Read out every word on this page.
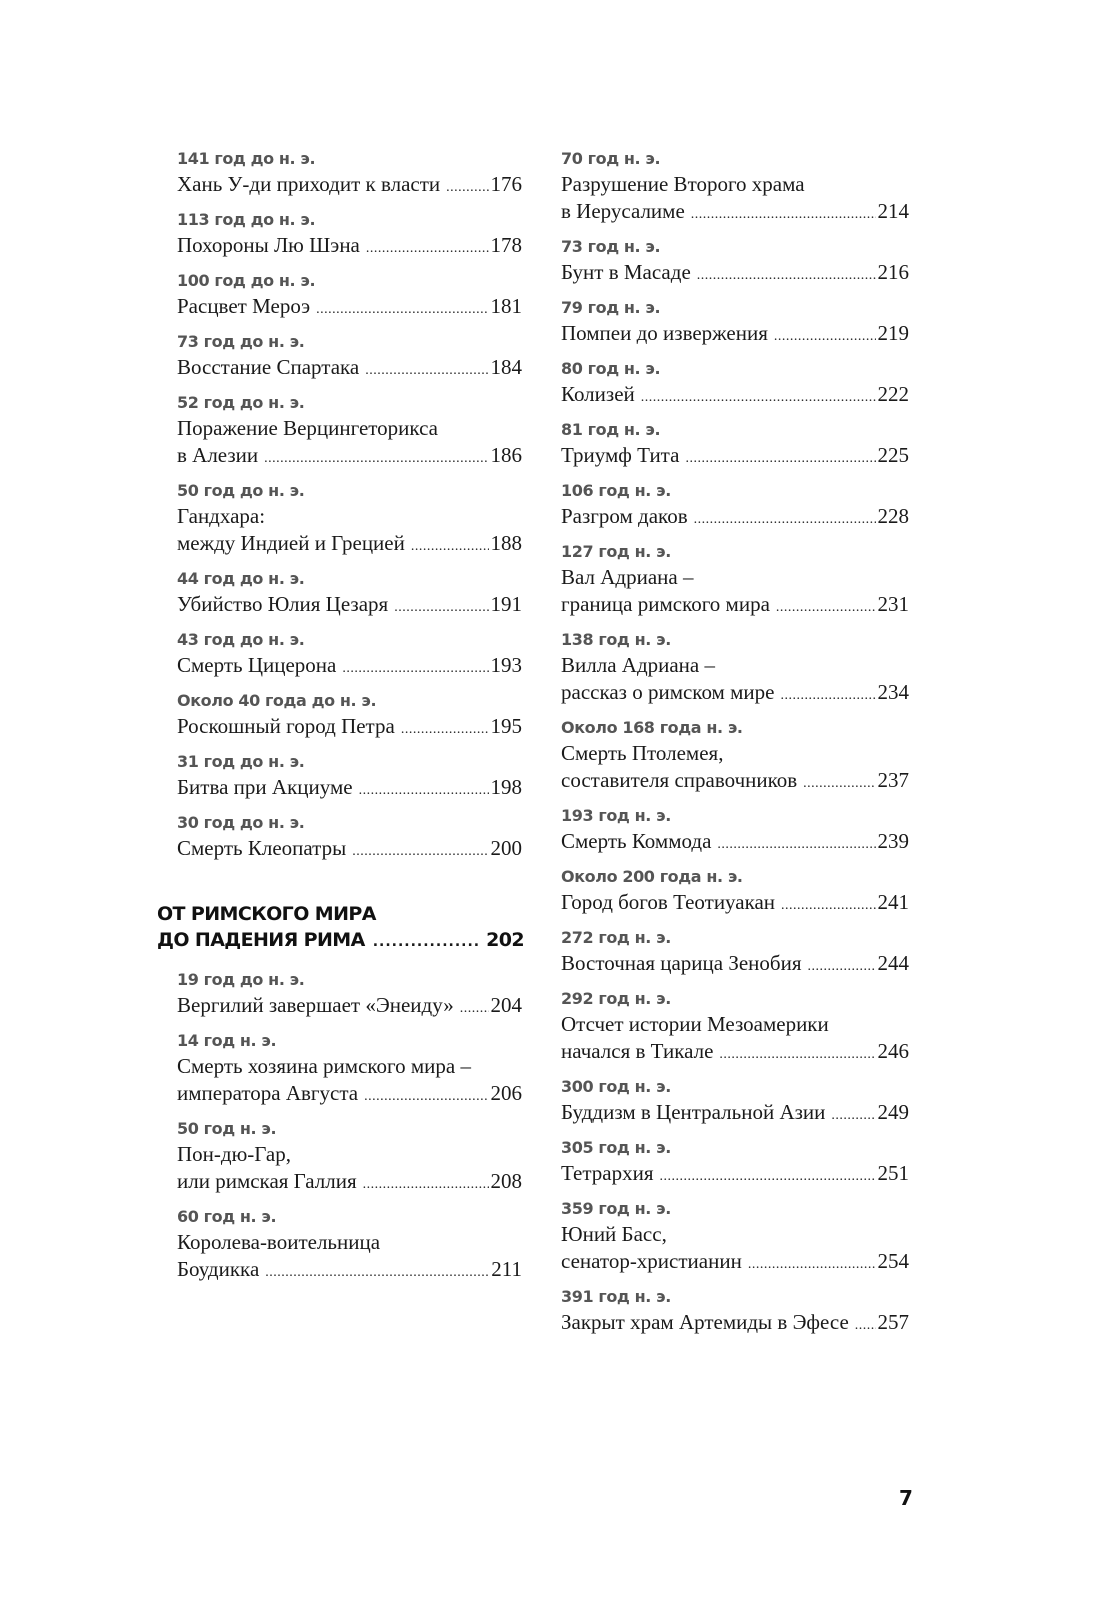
141 год до н. э.
Хань У-ди приходит к власти ..... 176
113 год до н. э.
Похороны Лю Шэна .....	178
100 год до н. э.
Расцвет Мероэ .....	181
73 год до н. э.
Восстание Спартака .....	184
52 год до н. э.
Поражение Верцингеторикса
в Алезии .....	186
50 год до н. э.
Гандхара:
между Индией и Грецией .....	188
44 год до н. э.
Убийство Юлия Цезаря .....	191
43 год до н. э.
Смерть Цицерона .....	193
Около 40 года до н. э.
Роскошный город Петра .....	195
31 год до н. э.
Битва при Акциуме .....	198
30 год до н. э.
Смерть Клеопатры .....	200
ОТ РИМСКОГО МИРА
ДО ПАДЕНИЯ РИМА .....	202
19 год до н. э.
Вергилий завершает «Энеиду» ..... 204
14 год н. э.
Смерть хозяина римского мира –
императора Августа .....	206
50 год н. э.
Пон-дю-Гар,
или римская Галлия .....	208
60 год н. э.
Королева-воительница
Боудикка .....	211
70 год н. э.
Разрушение Второго храма
в Иерусалиме .....	214
73 год н. э.
Бунт в Масаде .....	216
79 год н. э.
Помпеи до извержения .....	219
80 год н. э.
Колизей .....	222
81 год н. э.
Триумф Тита .....	225
106 год н. э.
Разгром даков .....	228
127 год н. э.
Вал Адриана –
граница римского мира .....	231
138 год н. э.
Вилла Адриана –
рассказ о римском мире .....	234
Около 168 года н. э.
Смерть Птолемея,
составителя справочников .....	237
193 год н. э.
Смерть Коммода .....	239
Около 200 года н. э.
Город богов Теотиуакан .....	241
272 год н. э.
Восточная царица Зенобия .....	244
292 год н. э.
Отсчет истории Мезоамерики
начался в Тикале .....	246
300 год н. э.
Буддизм в Центральной Азии ..... 249
305 год н. э.
Тетрархия .....	251
359 год н. э.
Юний Басс,
сенатор-христианин .....	254
391 год н. э.
Закрыт храм Артемиды в Эфесе ..... 257
7
